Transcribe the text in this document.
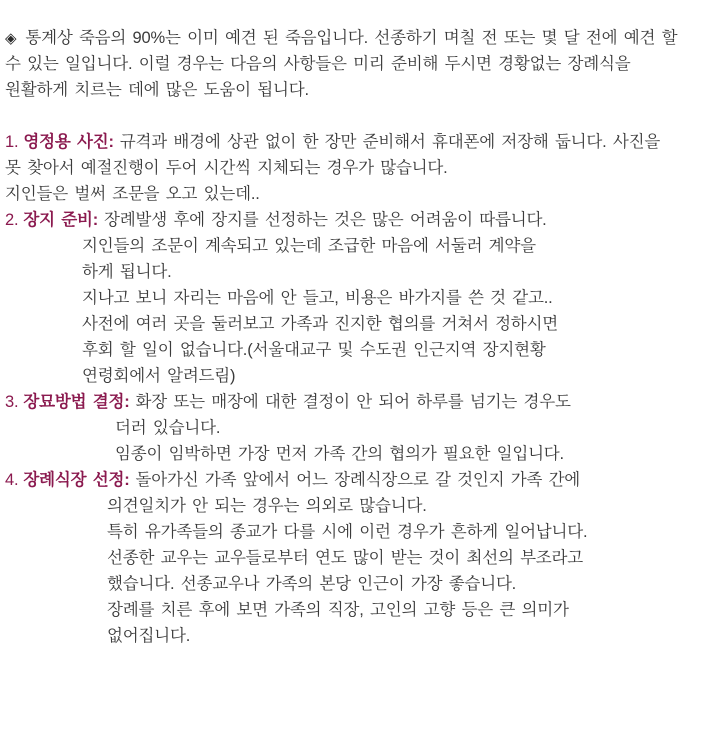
◈ 통계상 죽음의 90%는 이미 예견 된 죽음입니다. 선종하기 며칠 전 또는 몇 달 전에 예견 할
수 있는 일입니다. 이럴 경우는 다음의 사항들은 미리 준비해 두시면 경황없는 장례식을
원활하게 치르는 데에 많은 도움이 됩니다.
1. 영정용 사진: 규격과 배경에 상관 없이 한 장만 준비해서 휴대폰에 저장해 둡니다. 사진을
못 찾아서 예절진행이 두어 시간씩 지체되는 경우가 많습니다.
지인들은 벌써 조문을 오고 있는데..
2. 장지 준비: 장례발생 후에 장지를 선정하는 것은 많은 어려움이 따릅니다.
지인들의 조문이 계속되고 있는데 조급한 마음에 서둘러 계약을
하게 됩니다.
지나고 보니 자리는 마음에 안 들고, 비용은 바가지를 쓴 것 같고..
사전에 여러 곳을 둘러보고 가족과 진지한 협의를 거쳐서 정하시면
후회 할 일이 없습니다.(서울대교구 및 수도권 인근지역 장지현황
연령회에서 알려드림)
3. 장묘방법 결정: 화장 또는 매장에 대한 결정이 안 되어 하루를 넘기는 경우도
더러 있습니다.
임종이 임박하면 가장 먼저 가족 간의 협의가 필요한 일입니다.
4. 장례식장 선정: 돌아가신 가족 앞에서 어느 장례식장으로 갈 것인지 가족 간에
의견일치가 안 되는 경우는 의외로 많습니다.
특히 유가족들의 종교가 다를 시에 이런 경우가 흔하게 일어납니다.
선종한 교우는 교우들로부터 연도 많이 받는 것이 최선의 부조라고
했습니다. 선종교우나 가족의 본당 인근이 가장 좋습니다.
장례를 치른 후에 보면 가족의 직장, 고인의 고향 등은 큰 의미가
없어집니다.
